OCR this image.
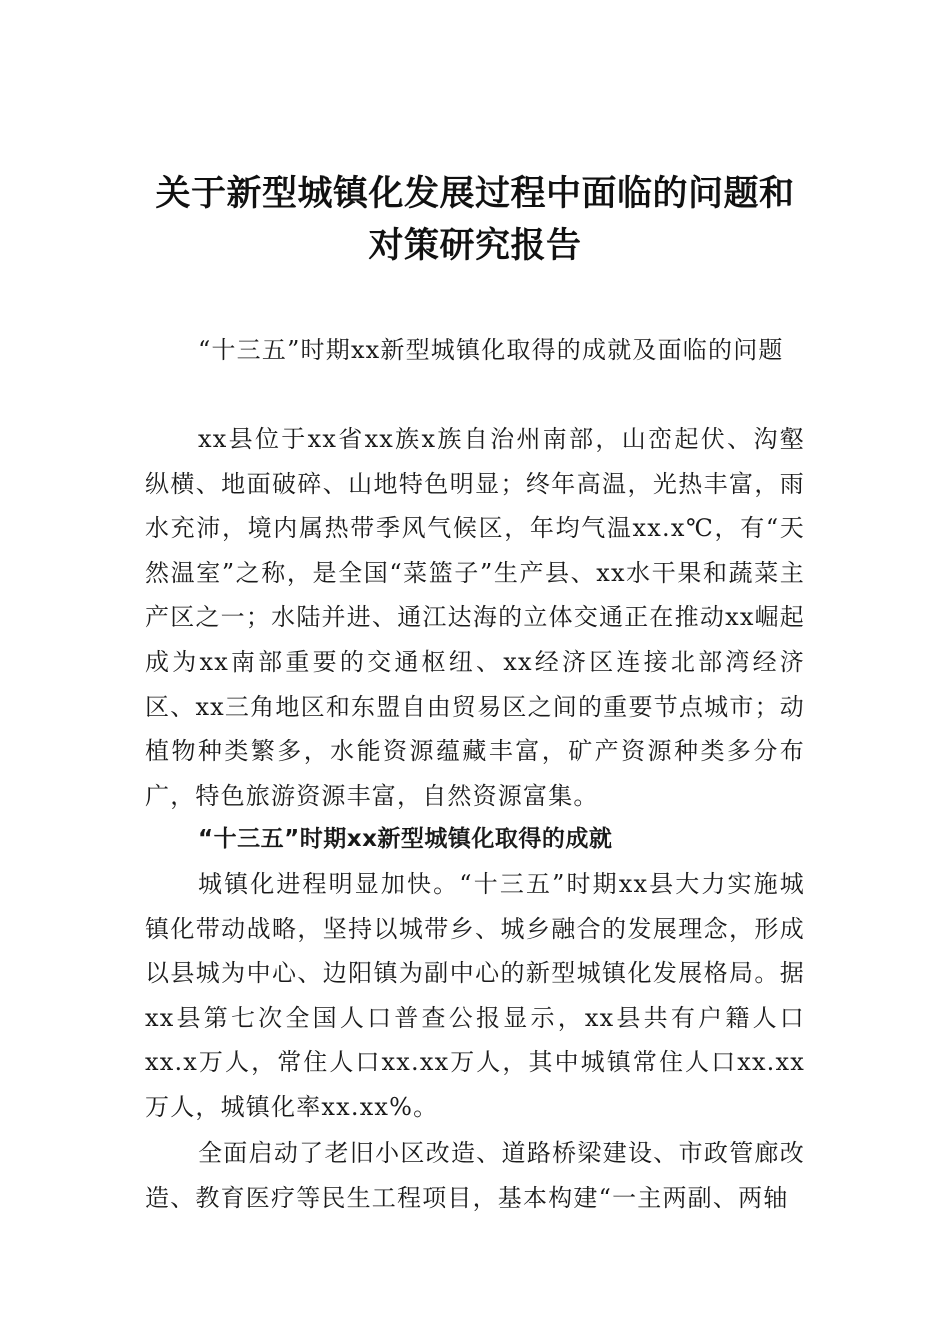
关于新型城镇化发展过程中面临的问题和
对策研究报告

“十三五”时期xx新型城镇化取得的成就及面临的问题

xx县位于xx省xx族x族自治州南部，山峦起伏、沟壑纵横、地面破碎、山地特色明显；终年高温，光热丰富，雨水充沛，境内属热带季风气候区，年均气温xx.x℃，有“天然温室”之称，是全国“菜篮子”生产县、xx水干果和蔬菜主产区之一；水陆并进、通江达海的立体交通正在推动xx崛起成为xx南部重要的交通枢纽、xx经济区连接北部湾经济区、xx三角地区和东盟自由贸易区之间的重要节点城市；动植物种类繁多，水能资源蕴藏丰富，矿产资源种类多分布广，特色旅游资源丰富，自然资源富集。

“十三五”时期xx新型城镇化取得的成就

城镇化进程明显加快。“十三五”时期xx县大力实施城镇化带动战略，坚持以城带乡、城乡融合的发展理念，形成以县城为中心、边阳镇为副中心的新型城镇化发展格局。据xx县第七次全国人口普查公报显示，xx县共有户籍人口xx.x万人，常住人口xx.xx万人，其中城镇常住人口xx.xx万人，城镇化率xx.xx%。

全面启动了老旧小区改造、道路桥梁建设、市政管廊改造、教育医疗等民生工程项目，基本构建“一主两副、两轴
